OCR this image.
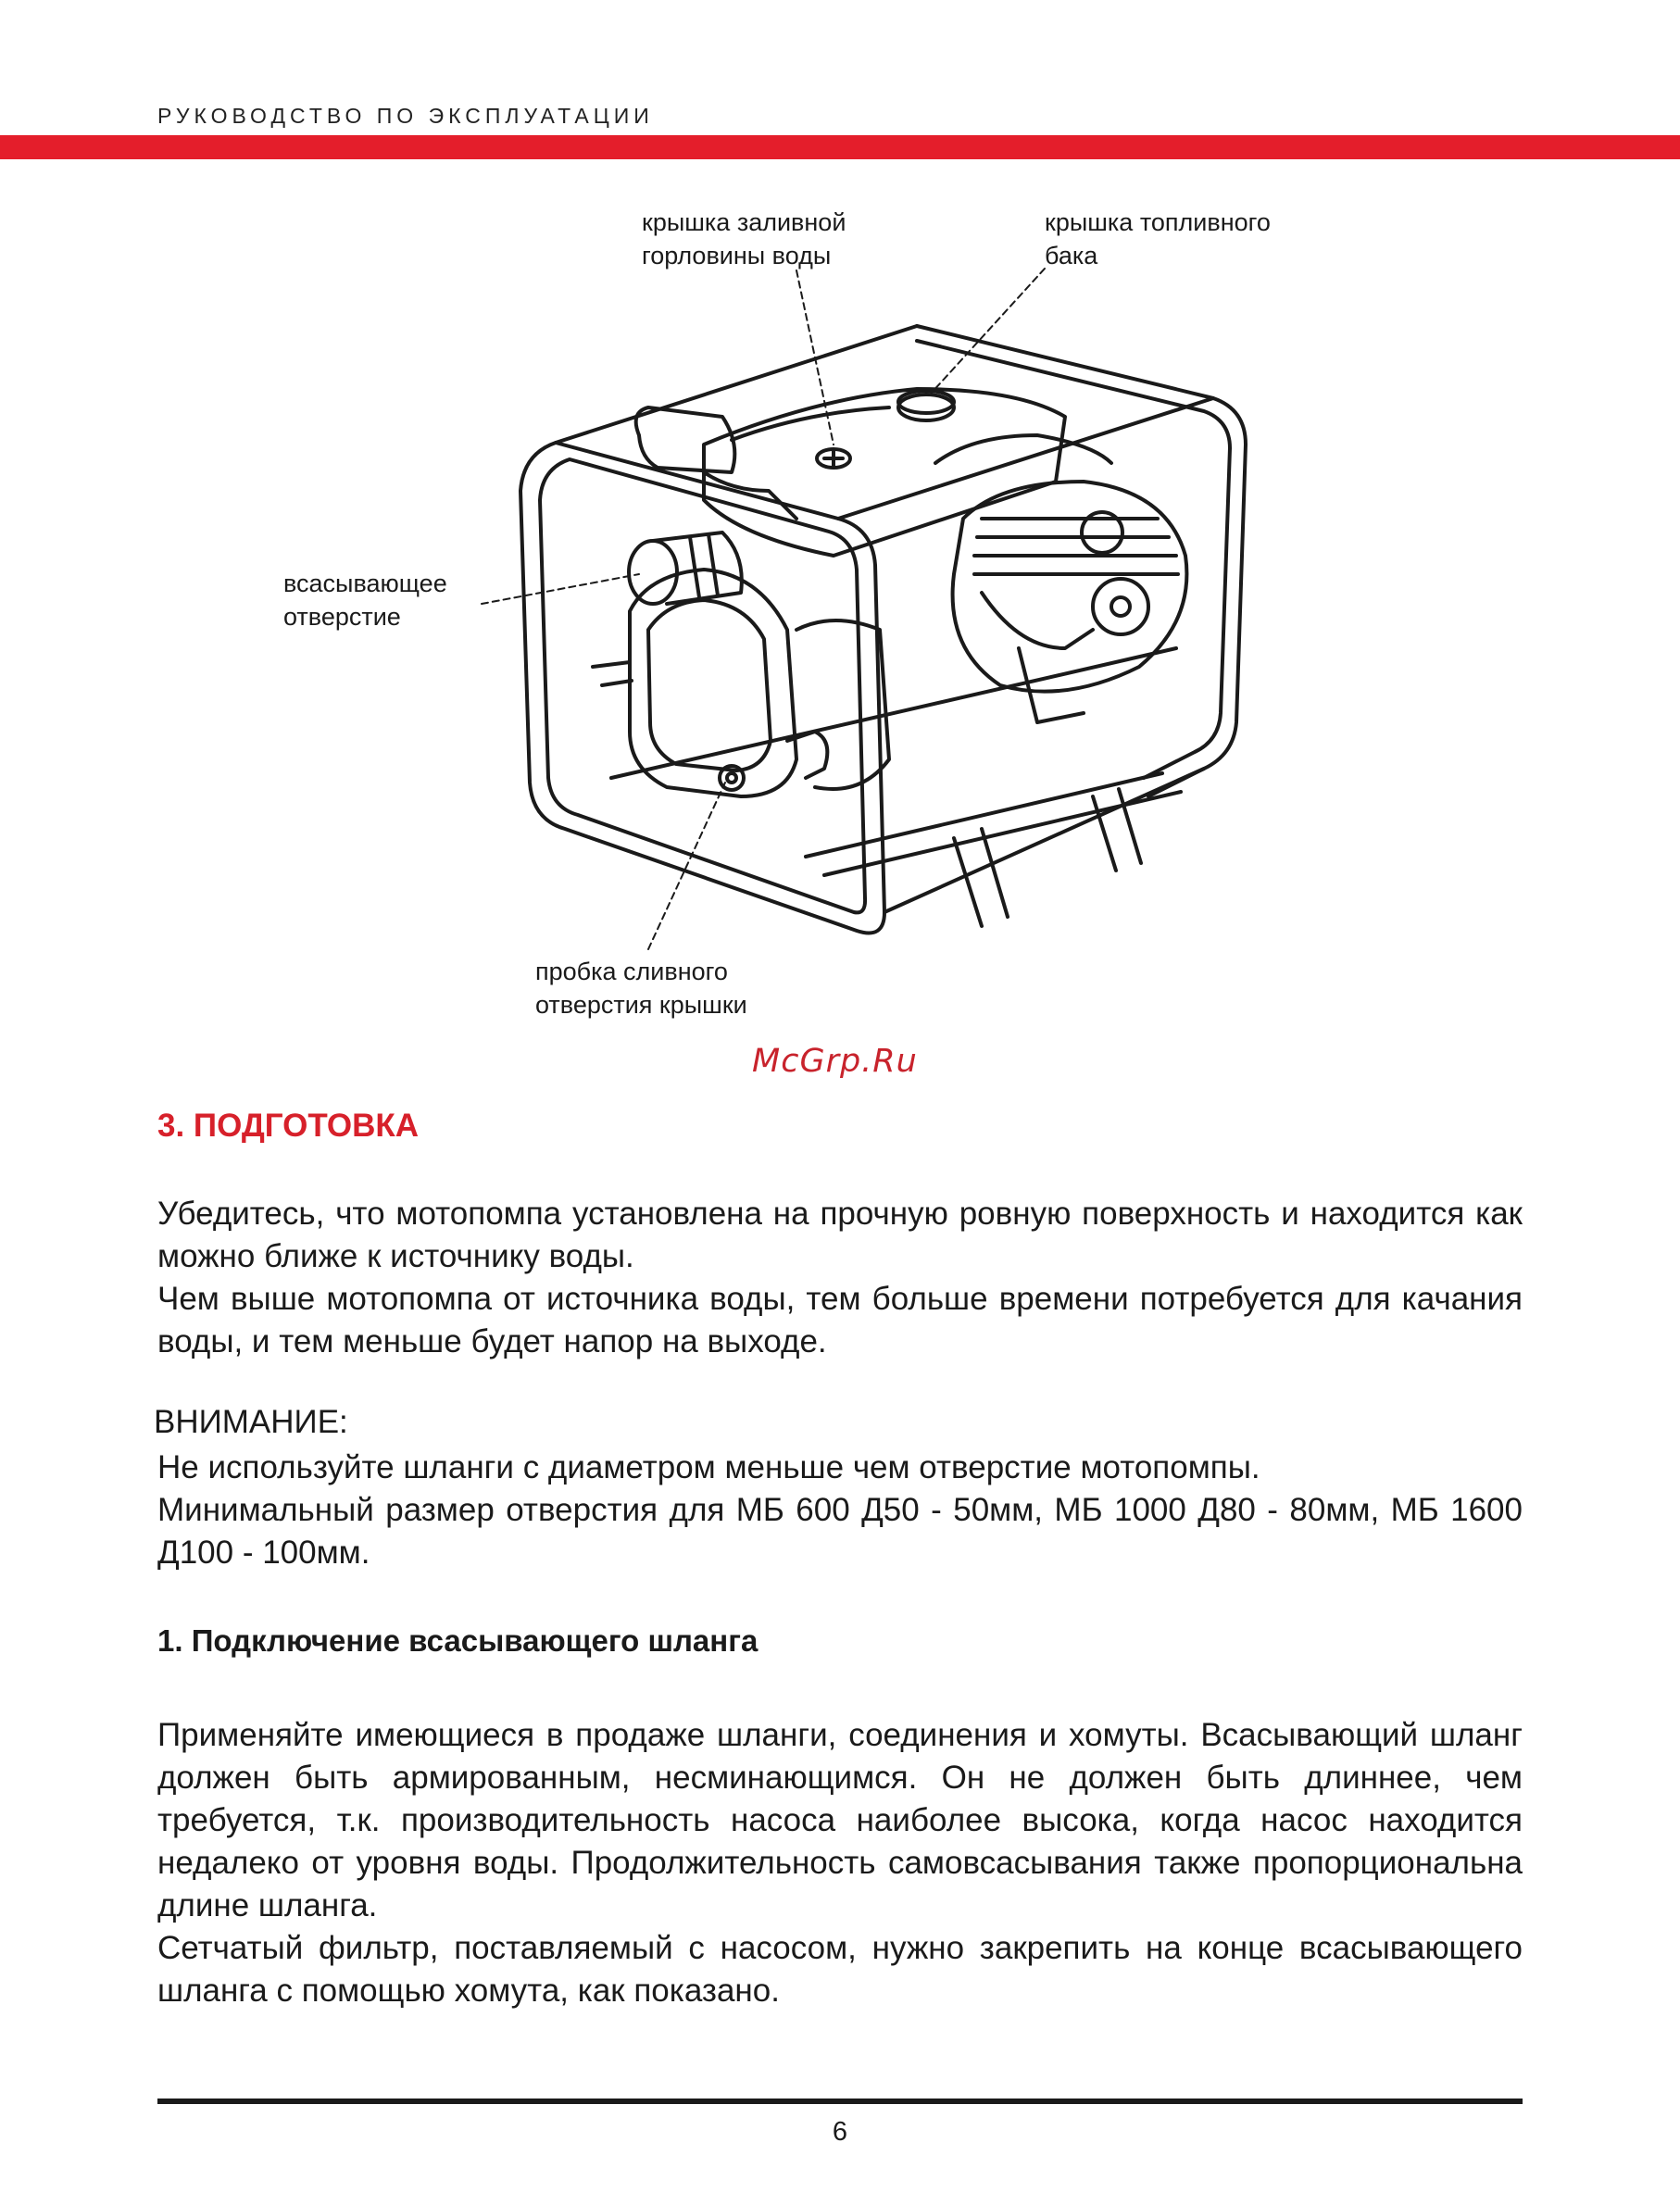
РУКОВОДСТВО ПО ЭКСПЛУАТАЦИИ
крышка заливной
горловины воды
крышка топливного
бака
всасывающее
отверстие
пробка сливного
отверстия крышки
McGrp.Ru
3. ПОДГОТОВКА

Убедитесь, что мотопомпа установлена на прочную ровную поверхность и находится как можно ближе к источнику воды.

Чем выше мотопомпа от источника воды, тем больше времени потребуется для качания воды, и тем меньше будет напор на выходе.

ВНИМАНИЕ:

Не используйте шланги с диаметром меньше чем отверстие мотопомпы.

Минимальный размер отверстия для МБ 600 Д50 - 50мм, МБ 1000 Д80 - 80мм, МБ 1600 Д100 - 100мм.

1. Подключение всасывающего шланга

Применяйте имеющиеся в продаже шланги, соединения и хомуты. Всасывающий шланг должен быть армированным, несминающимся. Он не должен быть длиннее, чем требуется, т.к. производительность насоса наиболее высока, когда насос находится недалеко от уровня воды. Продолжительность самовсасывания также пропорциональна длине шланга.

Сетчатый фильтр, поставляемый с насосом, нужно закрепить на конце всасывающего шланга с помощью хомута, как показано.

6
